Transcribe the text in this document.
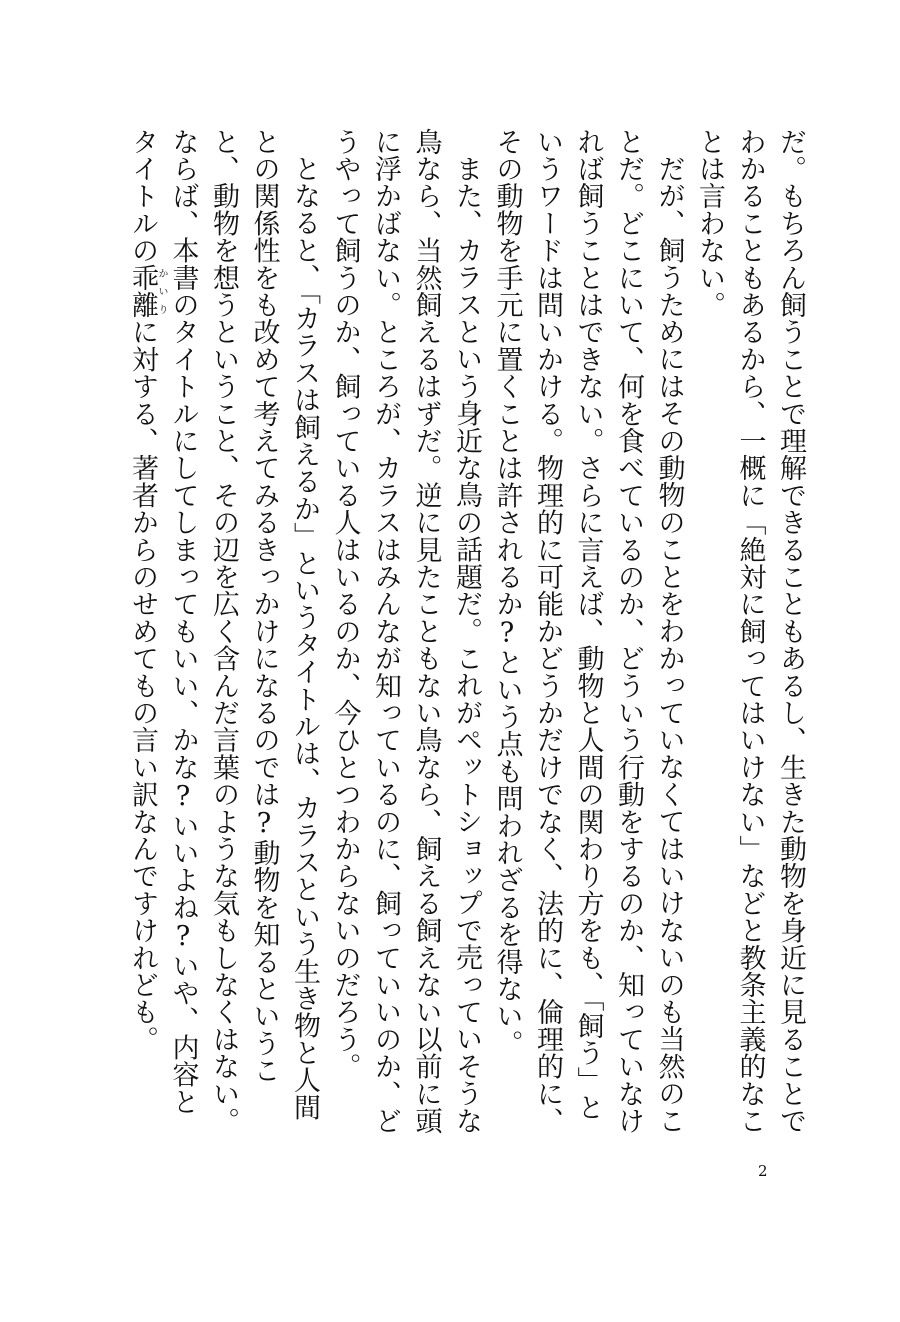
だ。もちろん飼うことで理解できることもあるし、生きた動物を身近に見ることでわかることもあるから、一概に「絶対に飼ってはいけない」などと教条主義的なことは言わない。

だが、飼うためにはその動物のことをわかっていなくてはいけないのも当然のことだ。どこにいて、何を食べているのか、どういう行動をするのか、知っていなければ飼うことはできない。さらに言えば、動物と人間の関わり方をも、「飼う」というワードは問いかける。物理的に可能かどうかだけでなく、法的に、倫理的に、その動物を手元に置くことは許されるか?という点も問われざるを得ない。

また、カラスという身近な鳥の話題だ。これがペットショップで売っていそうな鳥なら、当然飼えるはずだ。逆に見たこともない鳥なら、飼える飼えない以前に頭に浮かばない。ところが、カラスはみんなが知っているのに、飼っていいのか、どうやって飼うのか、飼っている人はいるのか、今ひとつわからないのだろう。

となると、「カラスは飼えるか」というタイトルは、カラスという生き物と人間との関係性をも改めて考えてみるきっかけになるのでは?動物を知るということ、動物を想うということ、その辺を広く含んだ言葉のような気もしなくはない。ならば、本書のタイトルにしてしまってもいい、かな?いいよね?いや、内容とタイトルの乖離かいりに対する、著者からのせめてもの言い訳なんですけれども。

2
